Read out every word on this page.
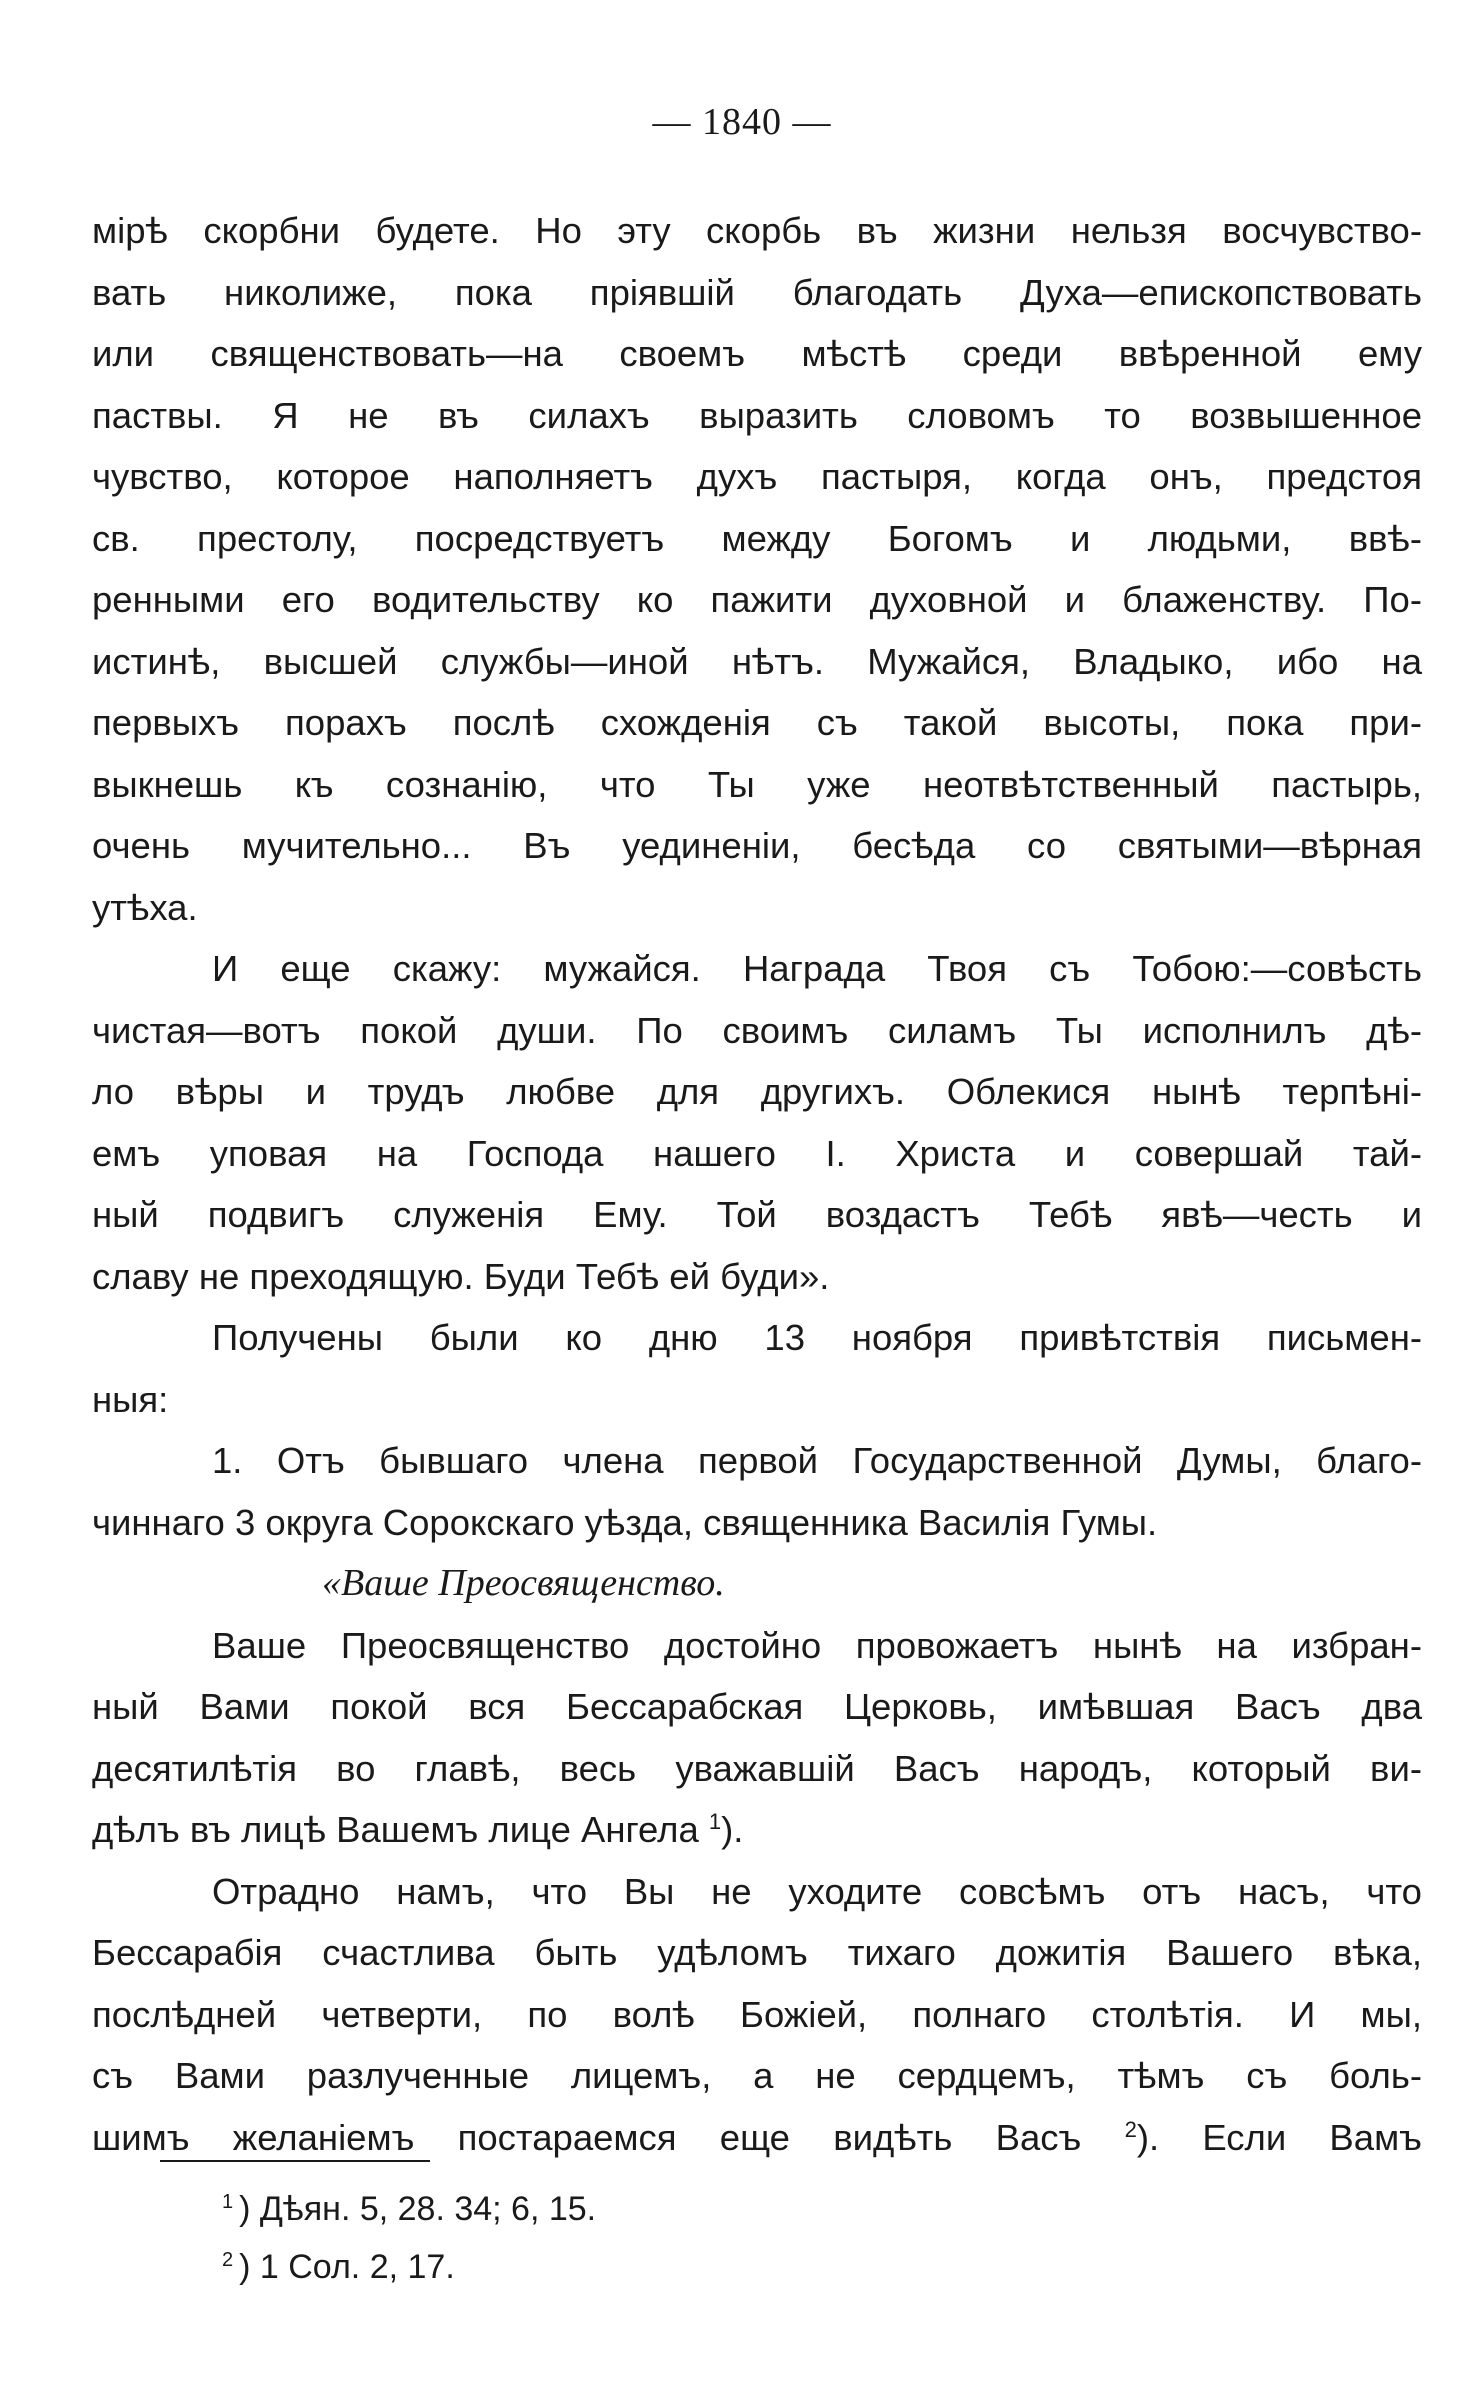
— 1840 —
мірѣ скорбни будете. Но эту скорбь въ жизни нельзя восчувство-
вать николиже, пока пріявшій благодать Духа—епископствовать
или священствовать—на своемъ мѣстѣ среди ввѣренной ему
паствы. Я не въ силахъ выразить словомъ то возвышенное
чувство, которое наполняетъ духъ пастыря, когда онъ, предстоя
св. престолу, посредствуетъ между Богомъ и людьми, ввѣ-
ренными его водительству ко пажити духовной и блаженству. По-
истинѣ, высшей службы—иной нѣтъ. Мужайся, Владыко, ибо на
первыхъ порахъ послѣ схожденія съ такой высоты, пока при-
выкнешь къ сознанію, что Ты уже неотвѣтственный пастырь,
очень мучительно... Въ уединеніи, бесѣда со святыми—вѣрная
утѣха.
И еще скажу: мужайся. Награда Твоя съ Тобою:—совѣсть
чистая—вотъ покой души. По своимъ силамъ Ты исполнилъ дѣ-
ло вѣры и трудъ любве для другихъ. Облекися нынѣ терпѣні-
емъ уповая на Господа нашего І. Христа и совершай тай-
ный подвигъ служенія Ему. Той воздастъ Тебѣ явѣ—честь и
славу не преходящую. Буди Тебѣ ей буди».
Получены были ко дню 13 ноября привѣтствія письмен-
ныя:
1. Отъ бывшаго члена первой Государственной Думы, благо-
чиннаго 3 округа Сорокскаго уѣзда, священника Василія Гумы.
«Ваше Преосвященство.
Ваше Преосвященство достойно провожаетъ нынѣ на избран-
ный Вами покой вся Бессарабская Церковь, имѣвшая Васъ два
десятилѣтія во главѣ, весь уважавшій Васъ народъ, который ви-
дѣлъ въ лицѣ Вашемъ лице Ангела $^1$).
Отрадно намъ, что Вы не уходите совсѣмъ отъ насъ, что
Бессарабія счастлива быть удѣломъ тихаго дожитія Вашего вѣка,
послѣдней четверти, по волѣ Божіей, полнаго столѣтія. И мы,
съ Вами разлученные лицемъ, а не сердцемъ, тѣмъ съ боль-
шимъ желаніемъ постараемся еще видѣть Васъ $^2$). Если Вамъ
$^1$ ) Дѣян. 5, 28. 34; 6, 15.
$^2$ ) 1 Сол. 2, 17.
